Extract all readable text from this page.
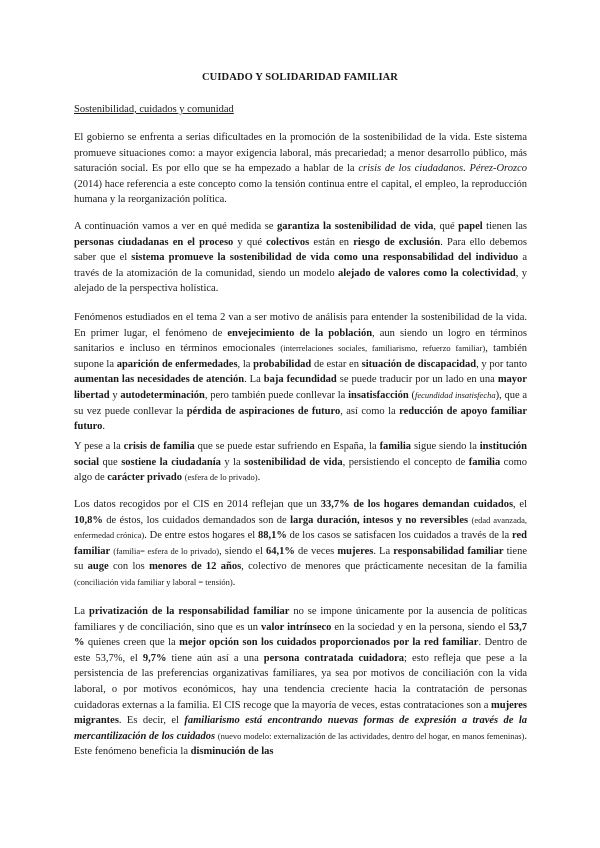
CUIDADO Y SOLIDARIDAD FAMILIAR
Sostenibilidad, cuidados y comunidad
El gobierno se enfrenta a serias dificultades en la promoción de la sostenibilidad de la vida. Este sistema promueve situaciones como: a mayor exigencia laboral, más precariedad; a menor desarrollo público, más saturación social. Es por ello que se ha empezado a hablar de la crisis de los ciudadanos. Pérez-Orozco (2014) hace referencia a este concepto como la tensión continua entre el capital, el empleo, la reproducción humana y la reorganización política.
A continuación vamos a ver en qué medida se garantiza la sostenibilidad de vida, qué papel tienen las personas ciudadanas en el proceso y qué colectivos están en riesgo de exclusión. Para ello debemos saber que el sistema promueve la sostenibilidad de vida como una responsabilidad del individuo a través de la atomización de la comunidad, siendo un modelo alejado de valores como la colectividad, y alejado de la perspectiva holística.
Fenómenos estudiados en el tema 2 van a ser motivo de análisis para entender la sostenibilidad de la vida. En primer lugar, el fenómeno de envejecimiento de la población, aun siendo un logro en términos sanitarios e incluso en términos emocionales (interrelaciones sociales, familiarismo, refuerzo familiar), también supone la aparición de enfermedades, la probabilidad de estar en situación de discapacidad, y por tanto aumentan las necesidades de atención. La baja fecundidad se puede traducir por un lado en una mayor libertad y autodeterminación, pero también puede conllevar la insatisfacción (fecundidad insatisfecha), que a su vez puede conllevar la pérdida de aspiraciones de futuro, así como la reducción de apoyo familiar futuro.
Y pese a la crisis de familia que se puede estar sufriendo en España, la familia sigue siendo la institución social que sostiene la ciudadanía y la sostenibilidad de vida, persistiendo el concepto de familia como algo de carácter privado (esfera de lo privado).
Los datos recogidos por el CIS en 2014 reflejan que un 33,7% de los hogares demandan cuidados, el 10,8% de éstos, los cuidados demandados son de larga duración, intesos y no reversibles (edad avanzada, enfermedad crónica). De entre estos hogares el 88,1% de los casos se satisfacen los cuidados a través de la red familiar (familia= esfera de lo privado), siendo el 64,1% de veces mujeres. La responsabilidad familiar tiene su auge con los menores de 12 años, colectivo de menores que prácticamente necesitan de la familia (conciliación vida familiar y laboral = tensión).
La privatización de la responsabilidad familiar no se impone únicamente por la ausencia de políticas familiares y de conciliación, sino que es un valor intrínseco en la sociedad y en la persona, siendo el 53,7 % quienes creen que la mejor opción son los cuidados proporcionados por la red familiar. Dentro de este 53,7%, el 9,7% tiene aún así a una persona contratada cuidadora; esto refleja que pese a la persistencia de las preferencias organizativas familiares, ya sea por motivos de conciliación con la vida laboral, o por motivos económicos, hay una tendencia creciente hacia la contratación de personas cuidadoras externas a la familia. El CIS recoge que la mayoría de veces, estas contrataciones son a mujeres migrantes. Es decir, el familiarismo está encontrando nuevas formas de expresión a través de la mercantilización de los cuidados (nuevo modelo: externalización de las actividades, dentro del hogar, en manos femeninas). Este fenómeno beneficia la disminución de las
